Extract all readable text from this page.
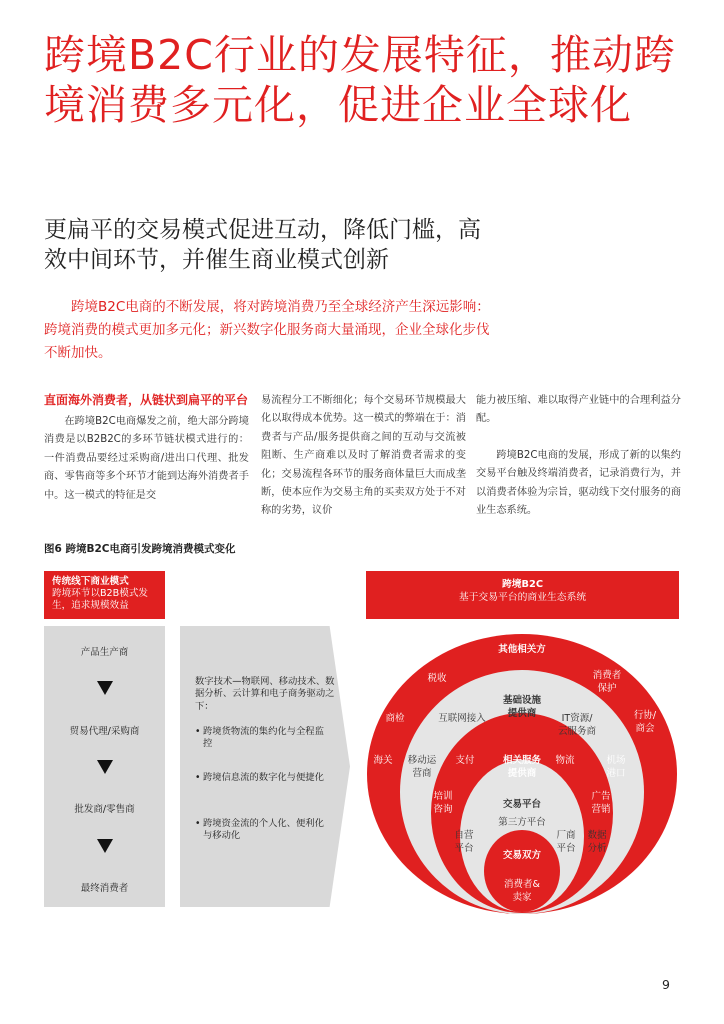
跨境B2C行业的发展特征，推动跨境消费多元化，促进企业全球化
更扁平的交易模式促进互动，降低门槛，高效中间环节，并催生商业模式创新

跨境B2C电商的不断发展，将对跨境消费乃至全球经济产生深远影响：跨境消费的模式更加多元化；新兴数字化服务商大量涌现，企业全球化步伐不断加快。

直面海外消费者，从链状到扁平的平台

在跨境B2C电商爆发之前，绝大部分跨境消费是以B2B2C的多环节链状模式进行的：一件消费品要经过采购商/进出口代理、批发商、零售商等多个环节才能到达海外消费者手中。这一模式的特征是交

易流程分工不断细化；每个交易环节规模最大化以取得成本优势。这一模式的弊端在于：消费者与产品/服务提供商之间的互动与交流被阻断、生产商难以及时了解消费者需求的变化；交易流程各环节的服务商体量巨大而成垄断，使本应作为交易主角的买卖双方处于不对称的劣势，议价

能力被压缩、难以取得产业链中的合理利益分配。

跨境B2C电商的发展，形成了新的以集约交易平台触及终端消费者，记录消费行为，并以消费者体验为宗旨，驱动线下交付服务的商业生态系统。

图6 跨境B2C电商引发跨境消费模式变化
传统线下商业模式
跨境环节以B2B模式发生，追求规模效益
产品生产商
贸易代理/采购商
批发商/零售商
最终消费者
数字技术—物联网、移动技术、数据分析、云计算和电子商务驱动之下：
• 跨境货物流的集约化与全程监控
• 跨境信息流的数字化与便捷化
• 跨境资金流的个人化、便利化与移动化
跨境B2C
基于交易平台的商业生态系统
其他相关方
税收	消费者
保护
商检	行协/
商会
海关	机场
港口
基础设施
提供商
互联网接入	IT资源/
云服务商
移动运
营商
相关服务
提供商
支付	物流
培训
咨询
广告
营销
交易平台
第三方平台
自营
平台
厂商
平台
数据
分析
交易双方
消费者&
卖家
9
